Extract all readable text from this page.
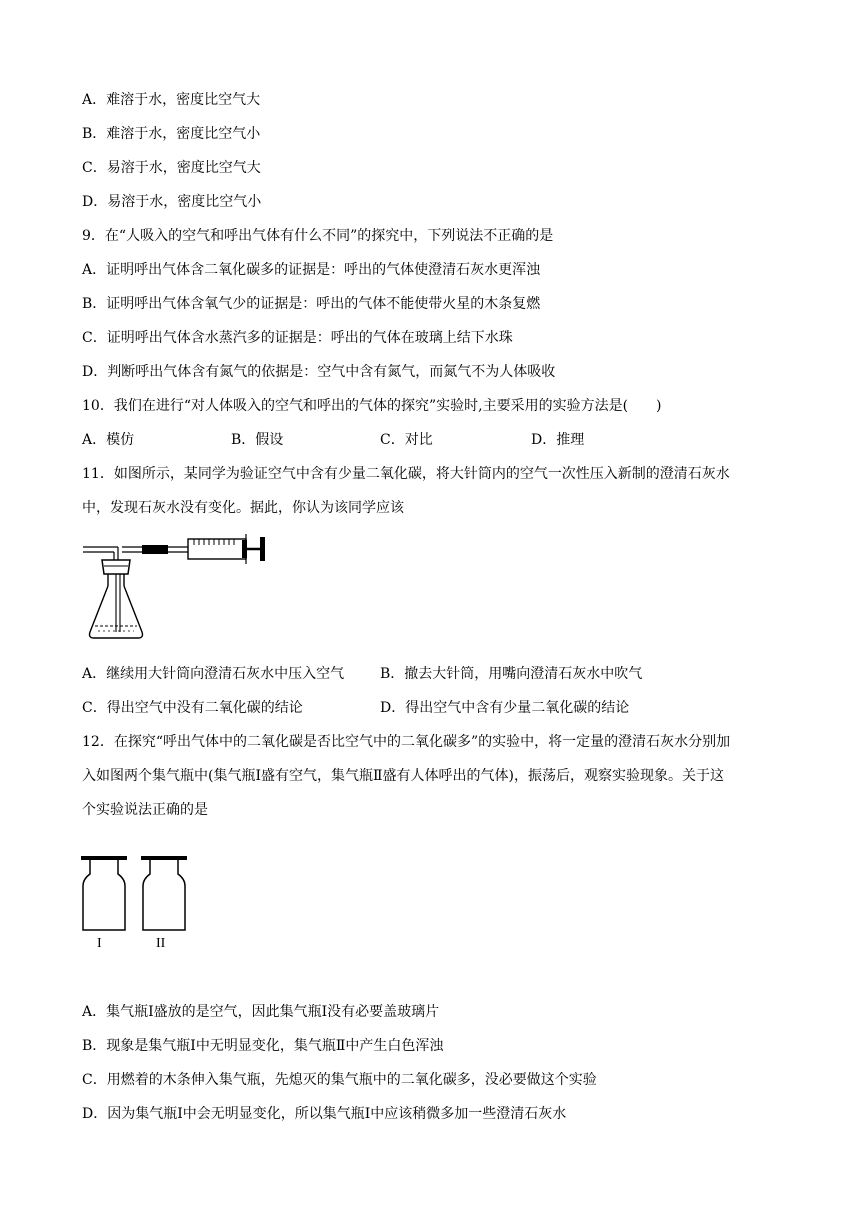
A．难溶于水，密度比空气大
B．难溶于水，密度比空气小
C．易溶于水，密度比空气大
D．易溶于水，密度比空气小
9．在“人吸入的空气和呼出气体有什么不同”的探究中，下列说法不正确的是
A．证明呼出气体含二氧化碳多的证据是：呼出的气体使澄清石灰水更浑浊
B．证明呼出气体含氧气少的证据是：呼出的气体不能使带火星的木条复燃
C．证明呼出气体含水蒸汽多的证据是：呼出的气体在玻璃上结下水珠
D．判断呼出气体含有氮气的依据是：空气中含有氮气，而氮气不为人体吸收
10．我们在进行“对人体吸入的空气和呼出的气体的探究”实验时,主要采用的实验方法是(　　)
A．模仿	B．假设	C．对比	D．推理
11．如图所示，某同学为验证空气中含有少量二氧化碳，将大针筒内的空气一次性压入新制的澄清石灰水
中，发现石灰水没有变化。据此，你认为该同学应该
A．继续用大针筒向澄清石灰水中压入空气	B．撤去大针筒，用嘴向澄清石灰水中吹气
C．得出空气中没有二氧化碳的结论	D．得出空气中含有少量二氧化碳的结论
12．在探究“呼出气体中的二氧化碳是否比空气中的二氧化碳多”的实验中，将一定量的澄清石灰水分别加
入如图两个集气瓶中(集气瓶Ⅰ盛有空气，集气瓶Ⅱ盛有人体呼出的气体)，振荡后，观察实验现象。关于这
个实验说法正确的是
I	II
A．集气瓶Ⅰ盛放的是空气，因此集气瓶Ⅰ没有必要盖玻璃片
B．现象是集气瓶Ⅰ中无明显变化，集气瓶Ⅱ中产生白色浑浊
C．用燃着的木条伸入集气瓶，先熄灭的集气瓶中的二氧化碳多，没必要做这个实验
D．因为集气瓶Ⅰ中会无明显变化，所以集气瓶Ⅰ中应该稍微多加一些澄清石灰水
